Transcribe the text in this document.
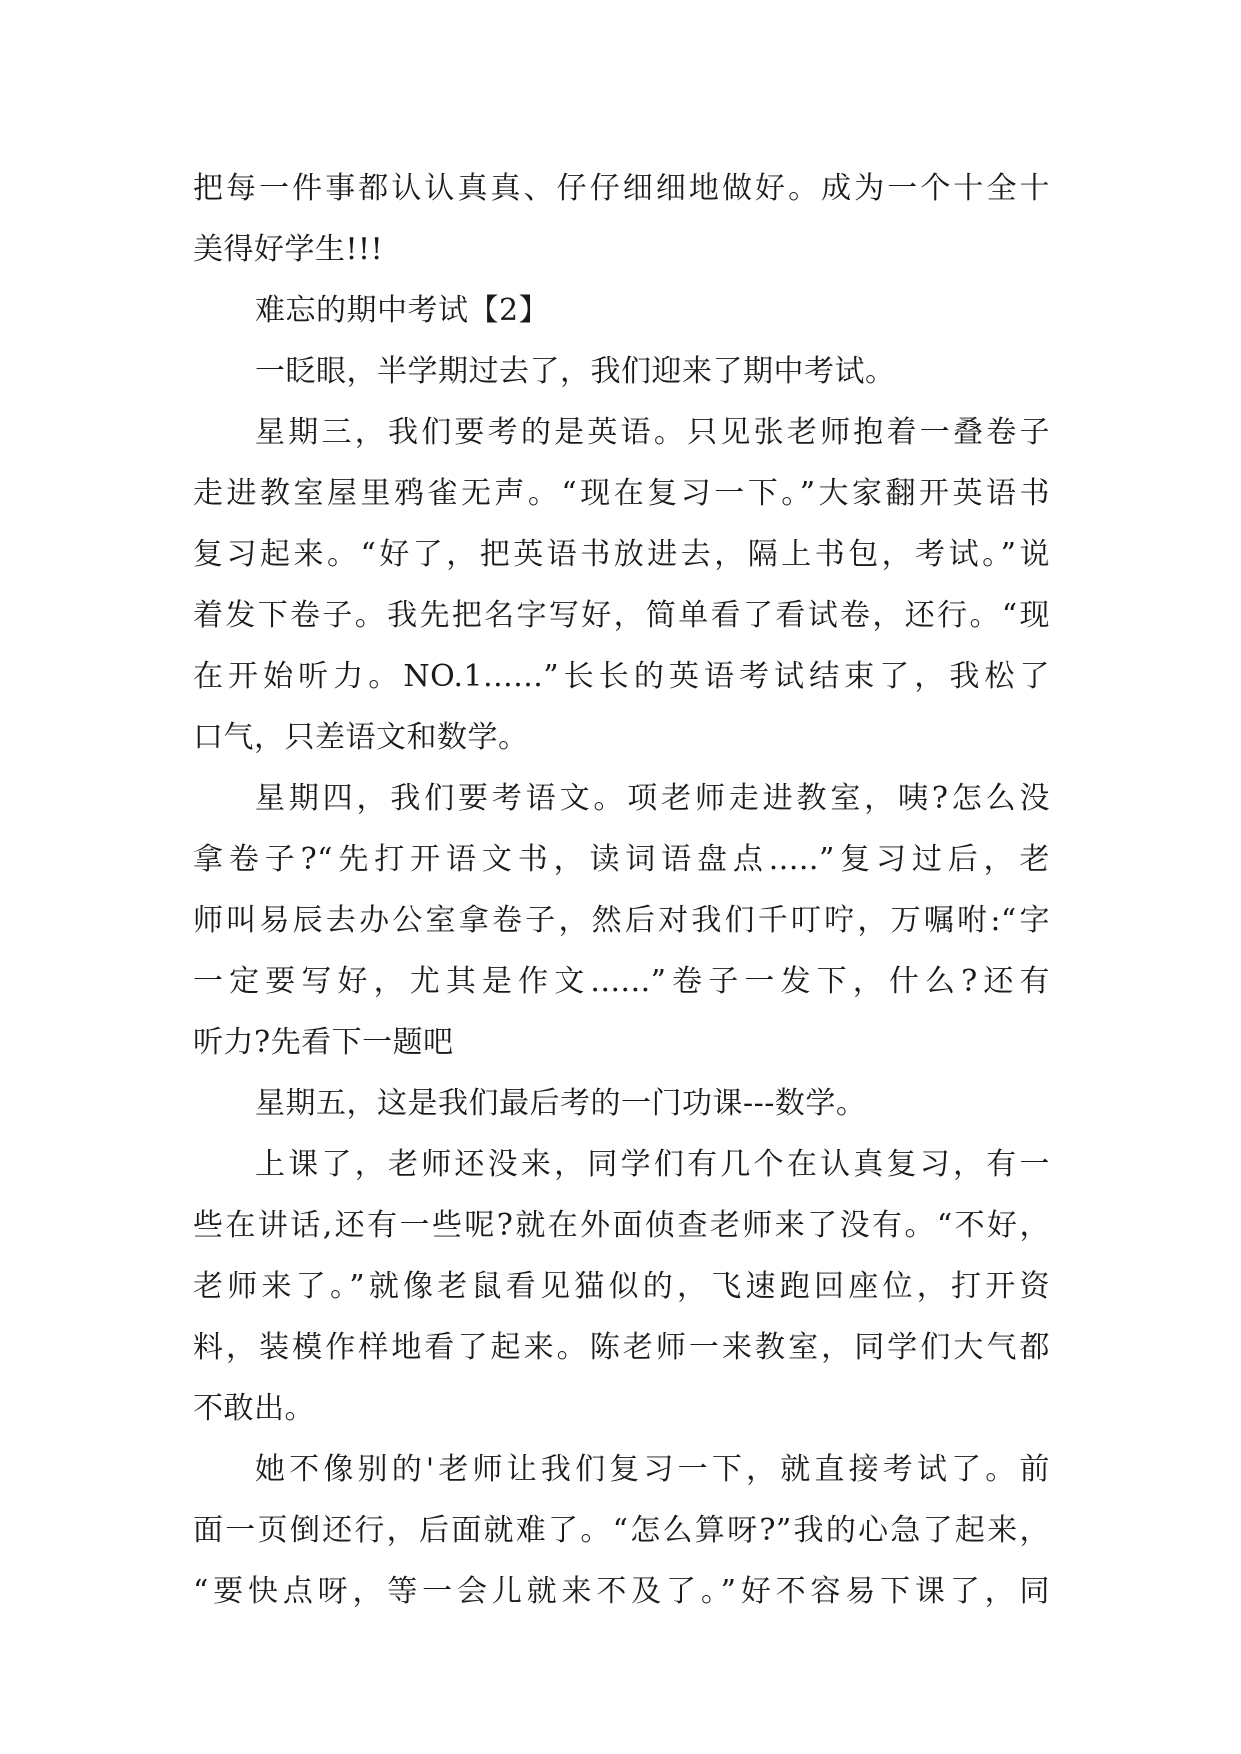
把每一件事都认认真真、仔仔细细地做好。成为一个十全十
美得好学生!!!
难忘的期中考试【2】
一眨眼，半学期过去了，我们迎来了期中考试。
星期三，我们要考的是英语。只见张老师抱着一叠卷子
走进教室屋里鸦雀无声。“现在复习一下。”大家翻开英语书
复习起来。“好了，把英语书放进去，隔上书包，考试。”说
着发下卷子。我先把名字写好，简单看了看试卷，还行。“现
在开始听力。NO.1......”长长的英语考试结束了，我松了
口气，只差语文和数学。
星期四，我们要考语文。项老师走进教室，咦?怎么没
拿卷子?“先打开语文书，读词语盘点.....”复习过后，老
师叫易辰去办公室拿卷子，然后对我们千叮咛，万嘱咐:“字
一定要写好，尤其是作文......”卷子一发下，什么?还有
听力?先看下一题吧
星期五，这是我们最后考的一门功课---数学。
上课了，老师还没来，同学们有几个在认真复习，有一
些在讲话,还有一些呢?就在外面侦查老师来了没有。“不好，
老师来了。”就像老鼠看见猫似的，飞速跑回座位，打开资
料，装模作样地看了起来。陈老师一来教室，同学们大气都
不敢出。
她不像别的'老师让我们复习一下，就直接考试了。前
面一页倒还行，后面就难了。“怎么算呀?”我的心急了起来，
“要快点呀，等一会儿就来不及了。”好不容易下课了，同
